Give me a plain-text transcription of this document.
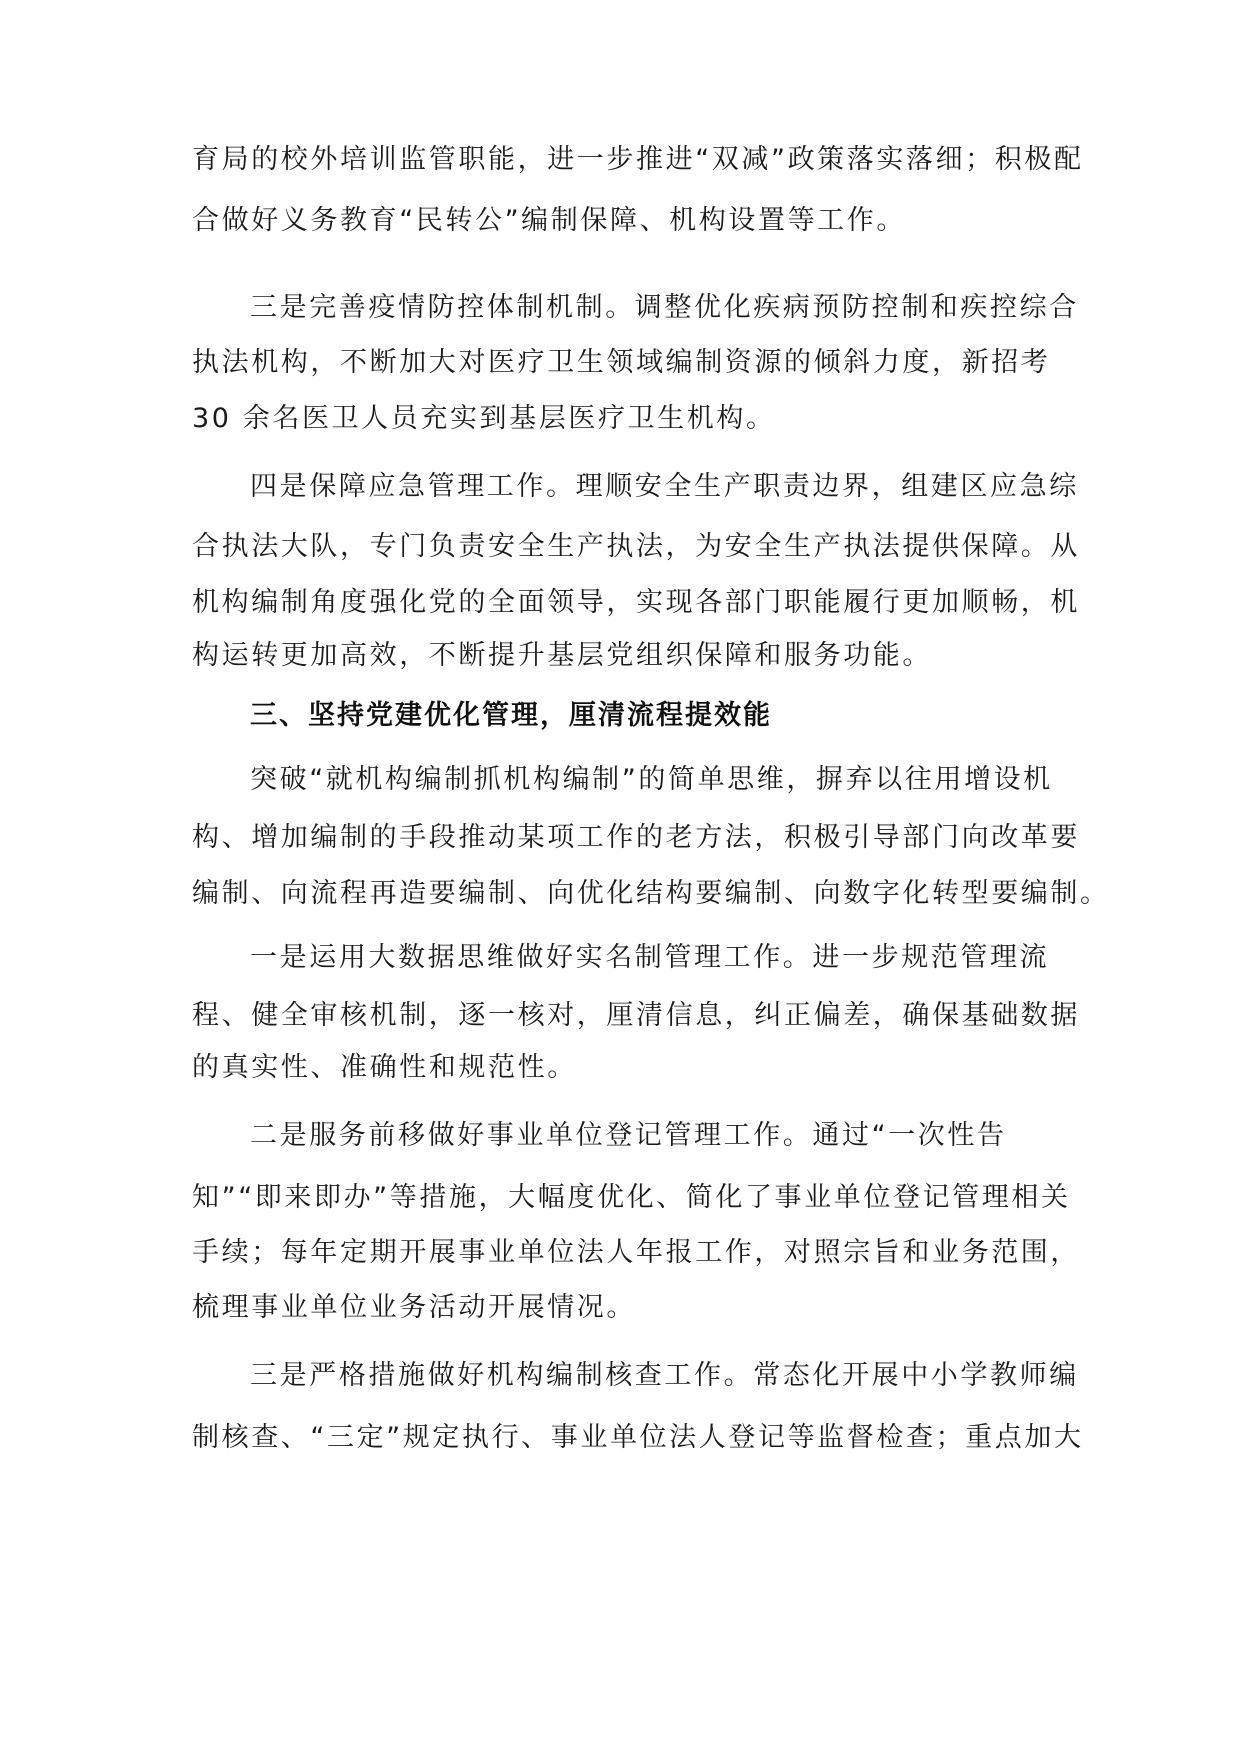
育局的校外培训监管职能，进一步推进“双减”政策落实落细；积极配

合做好义务教育“民转公”编制保障、机构设置等工作。

三是完善疫情防控体制机制。调整优化疾病预防控制和疾控综合

执法机构，不断加大对医疗卫生领域编制资源的倾斜力度，新招考

30 余名医卫人员充实到基层医疗卫生机构。

四是保障应急管理工作。理顺安全生产职责边界，组建区应急综

合执法大队，专门负责安全生产执法，为安全生产执法提供保障。从

机构编制角度强化党的全面领导，实现各部门职能履行更加顺畅，机

构运转更加高效，不断提升基层党组织保障和服务功能。

三、坚持党建优化管理，厘清流程提效能

突破“就机构编制抓机构编制”的简单思维，摒弃以往用增设机

构、增加编制的手段推动某项工作的老方法，积极引导部门向改革要

编制、向流程再造要编制、向优化结构要编制、向数字化转型要编制。

一是运用大数据思维做好实名制管理工作。进一步规范管理流

程、健全审核机制，逐一核对，厘清信息，纠正偏差，确保基础数据

的真实性、准确性和规范性。

二是服务前移做好事业单位登记管理工作。通过“一次性告

知”“即来即办”等措施，大幅度优化、简化了事业单位登记管理相关

手续；每年定期开展事业单位法人年报工作，对照宗旨和业务范围，

梳理事业单位业务活动开展情况。

三是严格措施做好机构编制核查工作。常态化开展中小学教师编

制核查、“三定”规定执行、事业单位法人登记等监督检查；重点加大
